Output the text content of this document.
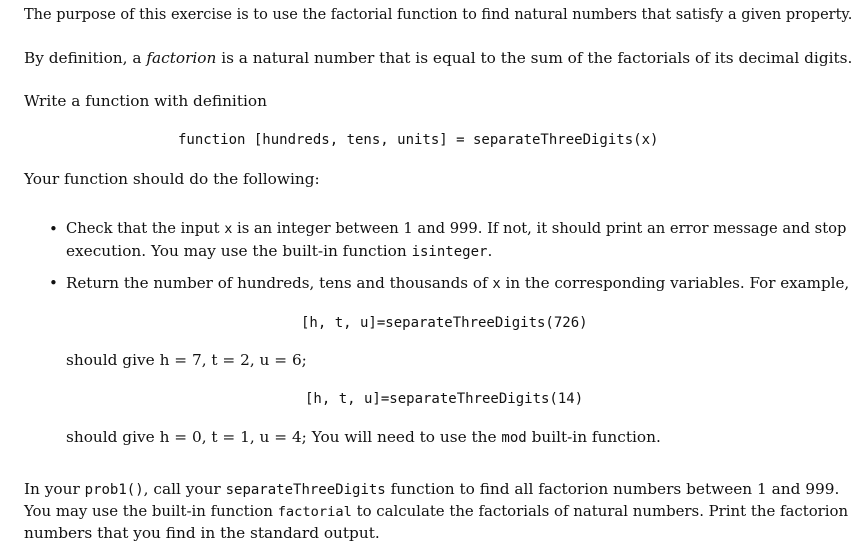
The purpose of this exercise is to use the factorial function to find natural numbers that satisfy a given property.
By definition, a factorion is a natural number that is equal to the sum of the factorials of its decimal digits.
Write a function with definition
function [hundreds, tens, units] = separateThreeDigits(x)
Your function should do the following:
• Check that the input x is an integer between 1 and 999. If not, it should print an error message and stop
execution. You may use the built-in function isinteger.
• Return the number of hundreds, tens and thousands of x in the corresponding variables. For example,
[h, t, u]=separateThreeDigits(726)
should give h = 7, t = 2, u = 6;
[h, t, u]=separateThreeDigits(14)
should give h = 0, t = 1, u = 4; You will need to use the mod built-in function.
In your prob1(), call your separateThreeDigits function to find all factorion numbers between 1 and 999.
You may use the built-in function factorial to calculate the factorials of natural numbers. Print the factorion
numbers that you find in the standard output.
